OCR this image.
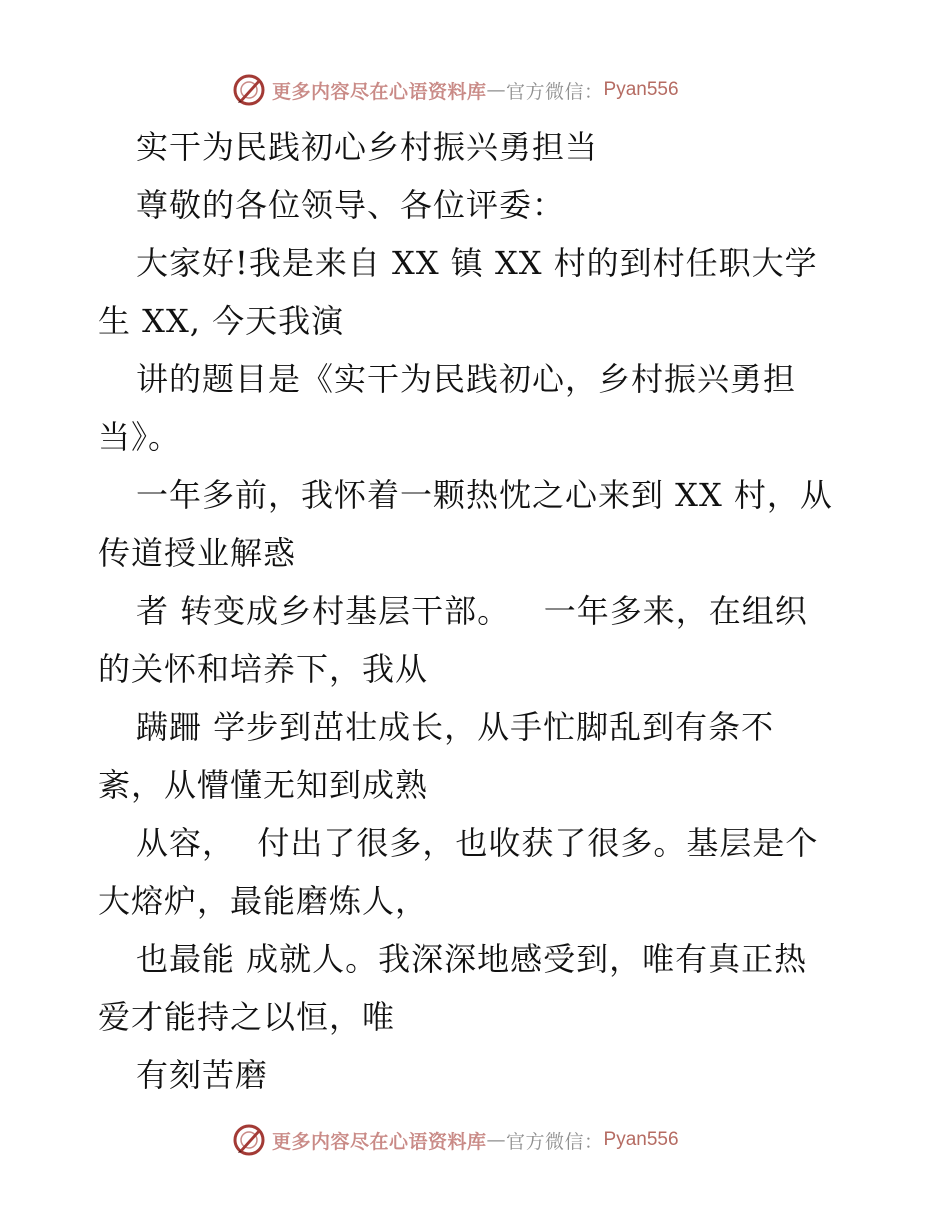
更多内容尽在心语资料库 — 官方微信： Pyan556
实干为民践初心乡村振兴勇担当
尊敬的各位领导、各位评委：
大家好!我是来自 XX 镇 XX 村的到村任职大学
生 XX, 今天我演
讲的题目是《实干为民践初心，乡村振兴勇担
当》。
一年多前，我怀着一颗热忱之心来到 XX 村，从
传道授业解惑
者 转变成乡村基层干部。   一年多来，在组织
的关怀和培养下，我从
蹒跚 学步到茁壮成长，从手忙脚乱到有条不
紊，从懵懂无知到成熟
从容，  付出了很多，也收获了很多。基层是个
大熔炉，最能磨炼人，
也最能 成就人。我深深地感受到，唯有真正热
爱才能持之以恒，唯
有刻苦磨
更多内容尽在心语资料库 — 官方微信： Pyan556
